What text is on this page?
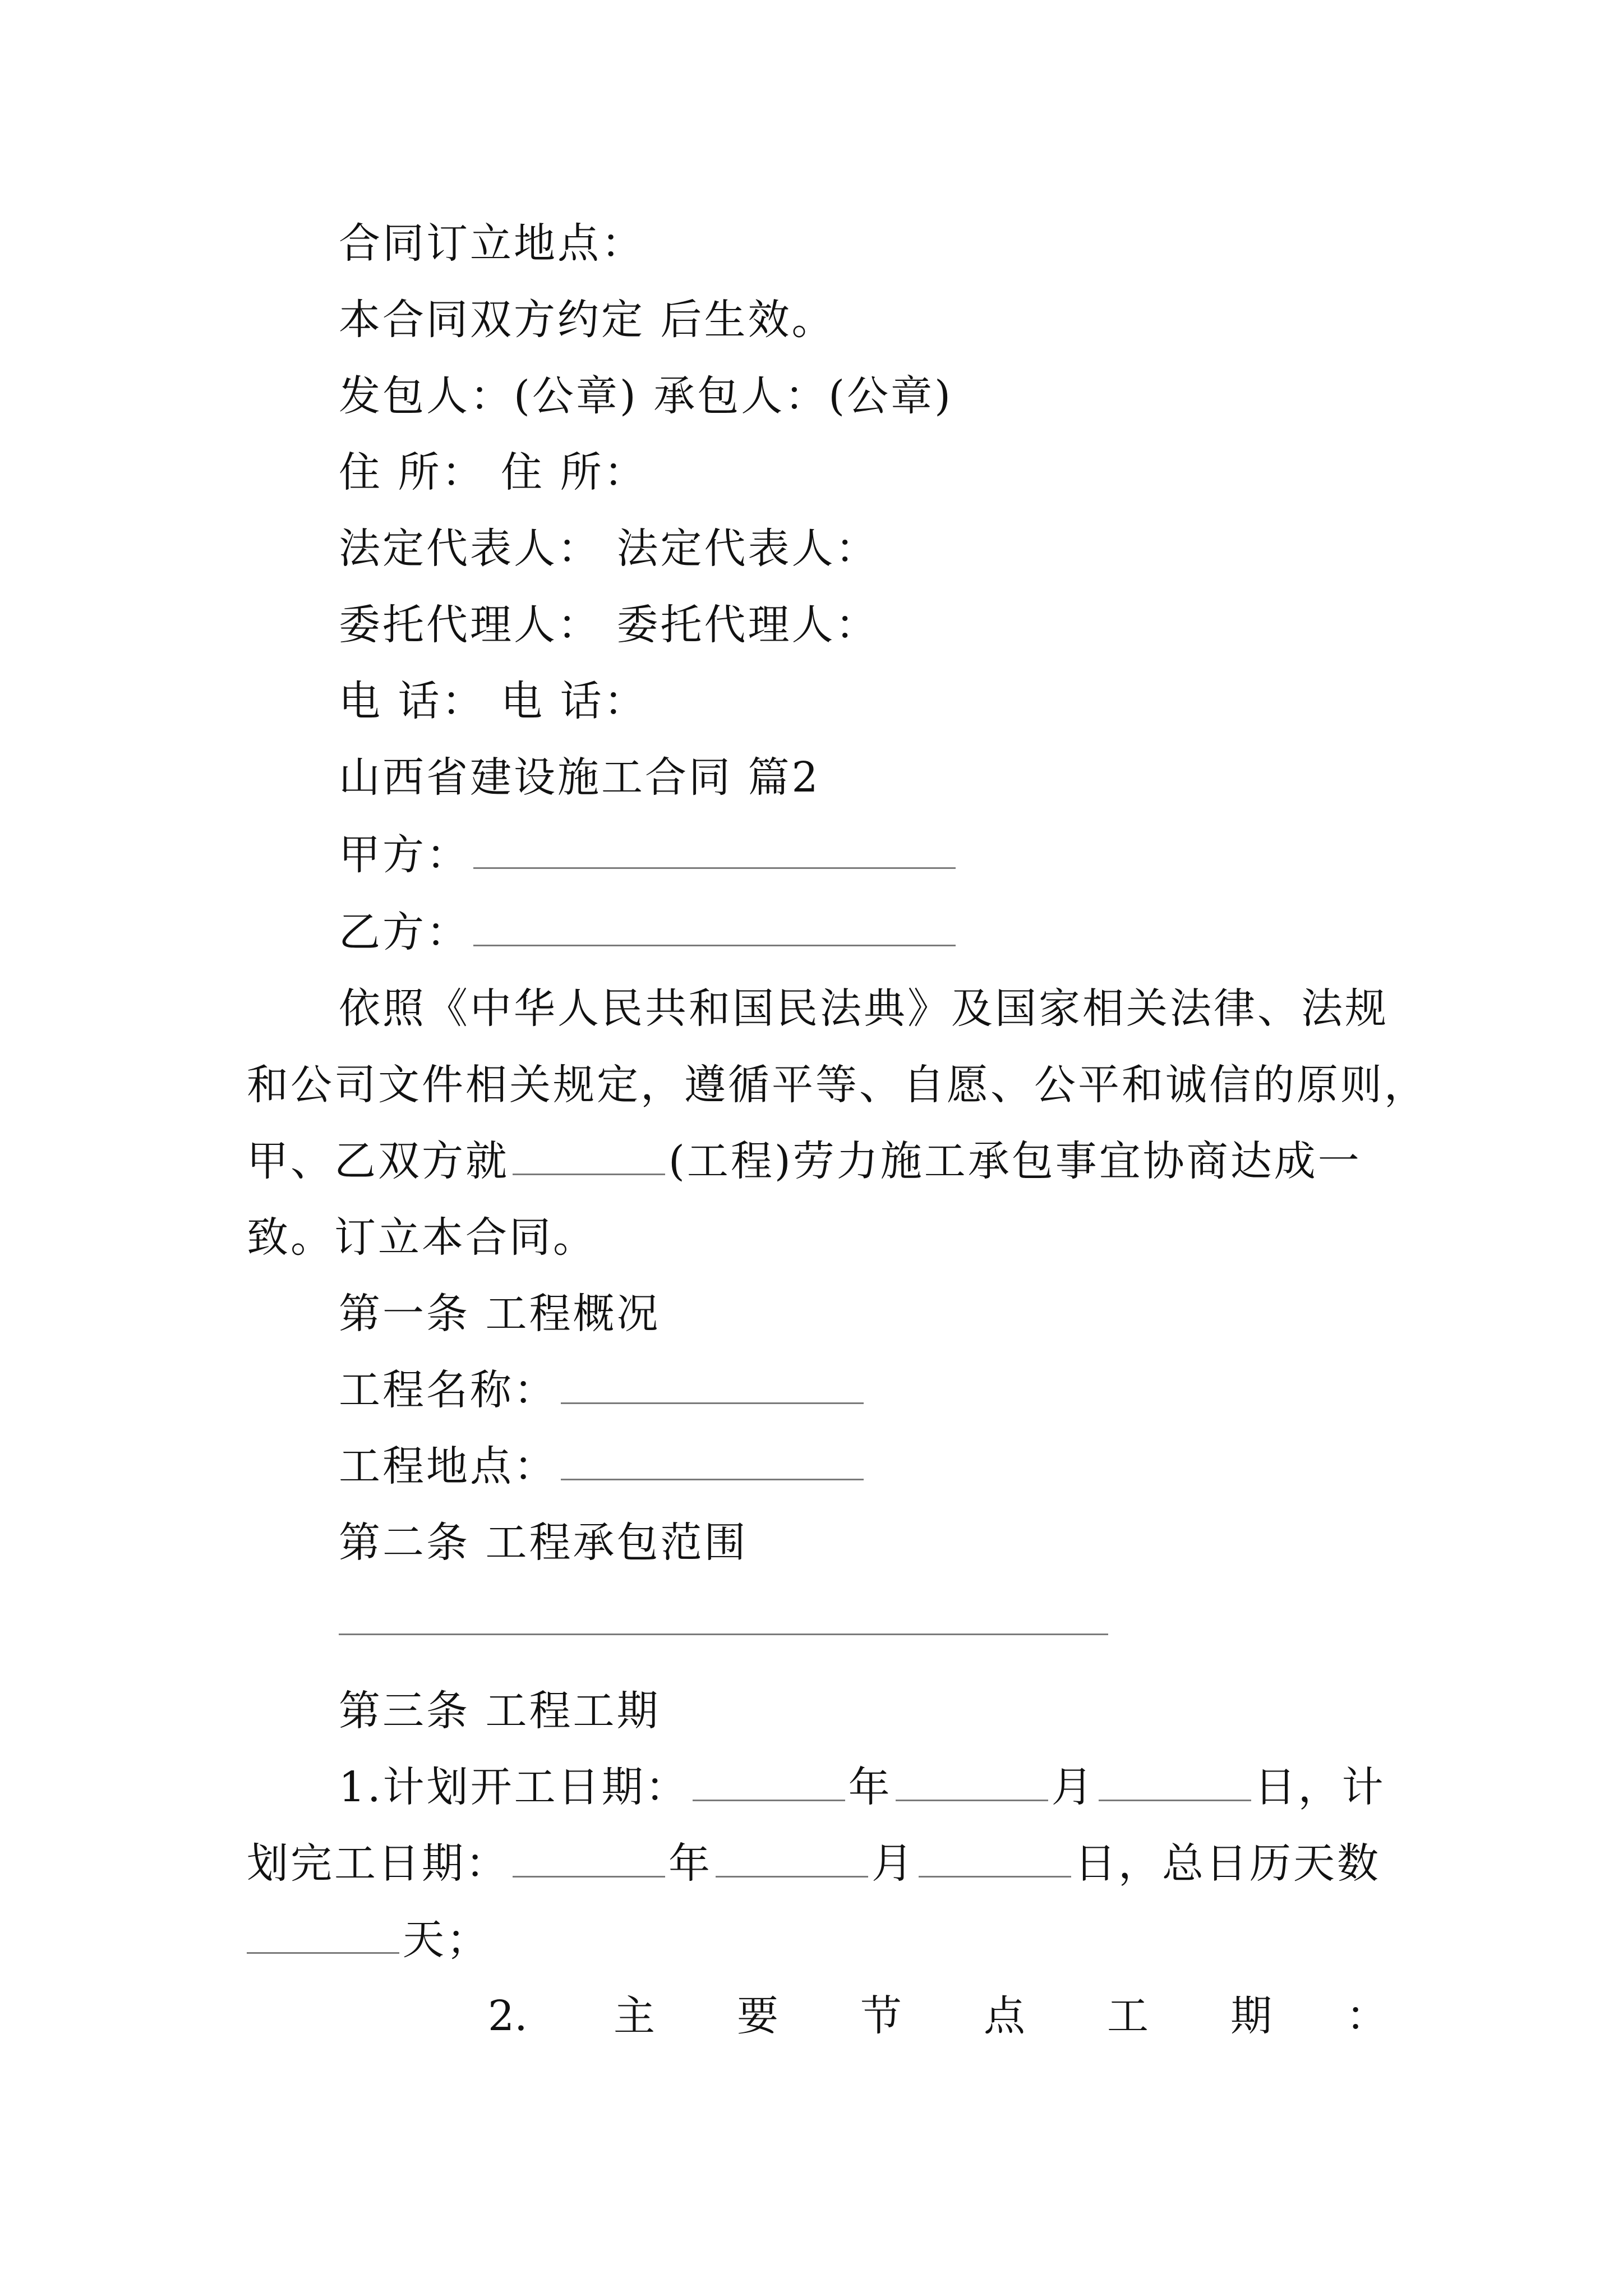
合同订立地点：
本合同双方约定 后生效。
发包人：(公章) 承包人：(公章)
住 所： 住 所：
法定代表人： 法定代表人：
委托代理人： 委托代理人：
电 话： 电 话：
山西省建设施工合同 篇2
甲方：
乙方：
依照《中华人民共和国民法典》及国家相关法律、法规
和公司文件相关规定，遵循平等、自愿、公平和诚信的原则，
甲、乙双方就	(工程)劳力施工承包事宜协商达成一
致。订立本合同。
第一条 工程概况
工程名称：
工程地点：
第二条 工程承包范围
第三条 工程工期
1.计划开工日期：	年	月	日，计
划完工日期：	年	月	日，总日历天数
天；
2. 主 要 节 点 工 期 ：
